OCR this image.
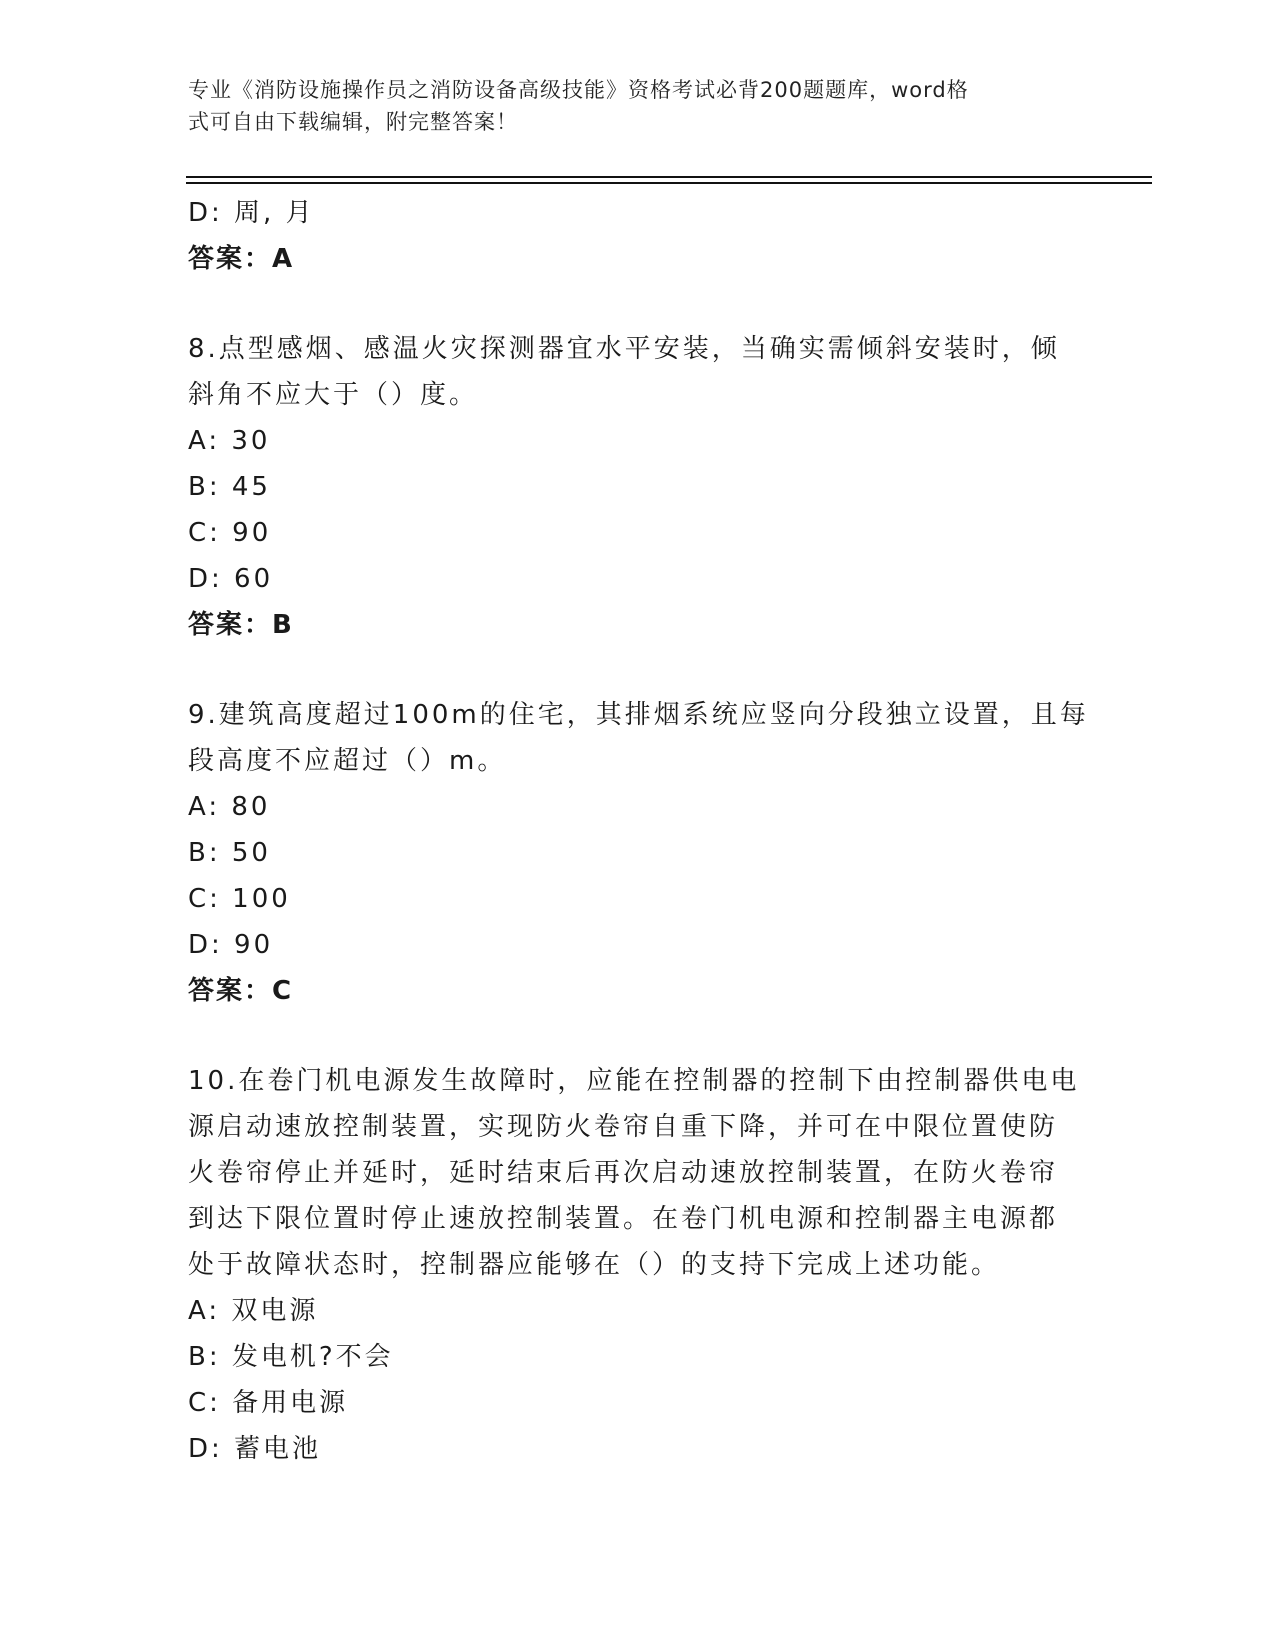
专业《消防设施操作员之消防设备高级技能》资格考试必背200题题库，word格
式可自由下载编辑，附完整答案！
D: 周, 月
答案：A
8.点型感烟、感温火灾探测器宜水平安装，当确实需倾斜安装时，倾
斜角不应大于（）度。
A: 30
B: 45
C: 90
D: 60
答案：B
9.建筑高度超过100m的住宅，其排烟系统应竖向分段独立设置，且每
段高度不应超过（）m。
A: 80
B: 50
C: 100
D: 90
答案：C
10.在卷门机电源发生故障时，应能在控制器的控制下由控制器供电电
源启动速放控制装置，实现防火卷帘自重下降，并可在中限位置使防
火卷帘停止并延时，延时结束后再次启动速放控制装置，在防火卷帘
到达下限位置时停止速放控制装置。在卷门机电源和控制器主电源都
处于故障状态时，控制器应能够在（）的支持下完成上述功能。
A: 双电源
B: 发电机?不会
C: 备用电源
D: 蓄电池
